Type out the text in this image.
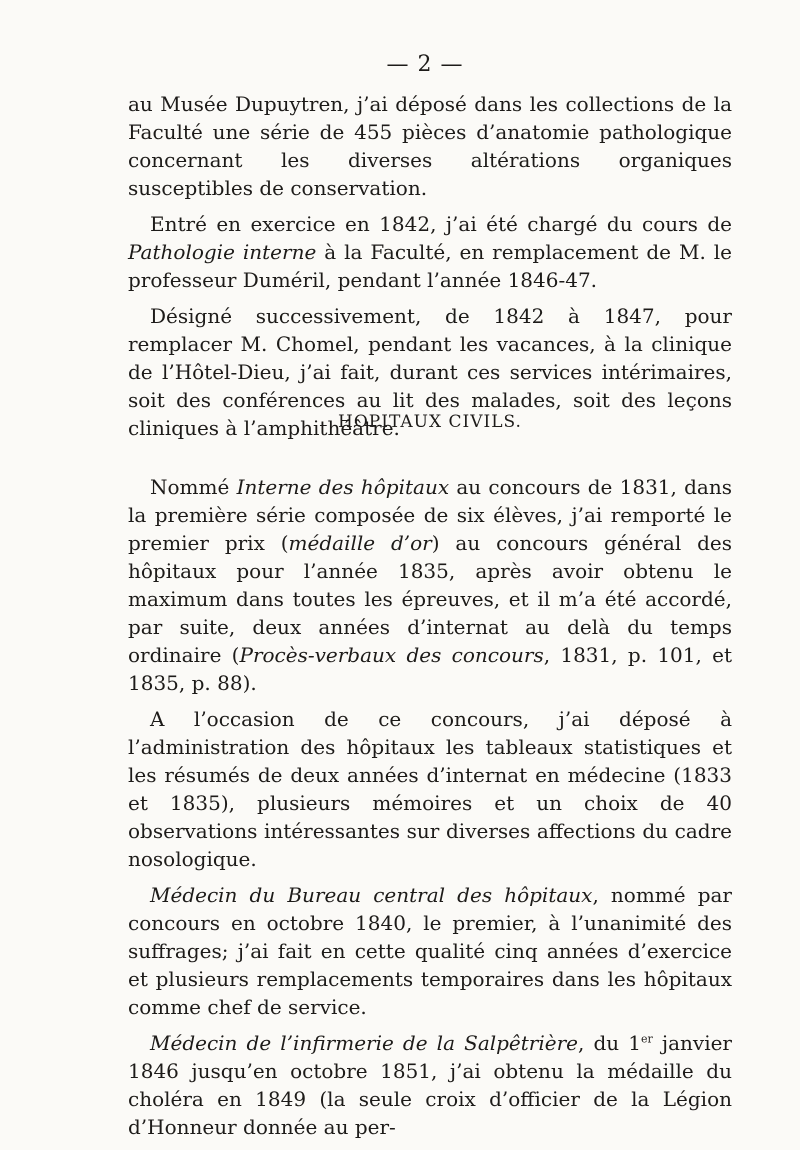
— 2 —

au Musée Dupuytren, j’ai déposé dans les collections de la Faculté une série de 455 pièces d’anatomie pathologique concernant les diverses altérations organiques susceptibles de conservation.

Entré en exercice en 1842, j’ai été chargé du cours de Pathologie interne à la Faculté, en remplacement de M. le professeur Duméril, pendant l’année 1846-47.

Désigné successivement, de 1842 à 1847, pour remplacer M. Chomel, pendant les vacances, à la clinique de l’Hôtel-Dieu, j’ai fait, durant ces services intérimaires, soit des conférences au lit des malades, soit des leçons cliniques à l’amphithéâtre.

HOPITAUX CIVILS.

Nommé Interne des hôpitaux au concours de 1831, dans la première série composée de six élèves, j’ai remporté le premier prix (médaille d’or) au concours général des hôpitaux pour l’année 1835, après avoir obtenu le maximum dans toutes les épreuves, et il m’a été accordé, par suite, deux années d’internat au delà du temps ordinaire (Procès-verbaux des concours, 1831, p. 101, et 1835, p. 88).

A l’occasion de ce concours, j’ai déposé à l’administration des hôpitaux les tableaux statistiques et les résumés de deux années d’internat en médecine (1833 et 1835), plusieurs mémoires et un choix de 40 observations intéressantes sur diverses affections du cadre nosologique.

Médecin du Bureau central des hôpitaux, nommé par concours en octobre 1840, le premier, à l’unanimité des suffrages; j’ai fait en cette qualité cinq années d’exercice et plusieurs remplacements temporaires dans les hôpitaux comme chef de service.

Médecin de l’infirmerie de la Salpêtrière, du 1er janvier 1846 jusqu’en octobre 1851, j’ai obtenu la médaille du choléra en 1849 (la seule croix d’officier de la Légion d’Honneur donnée au per-
